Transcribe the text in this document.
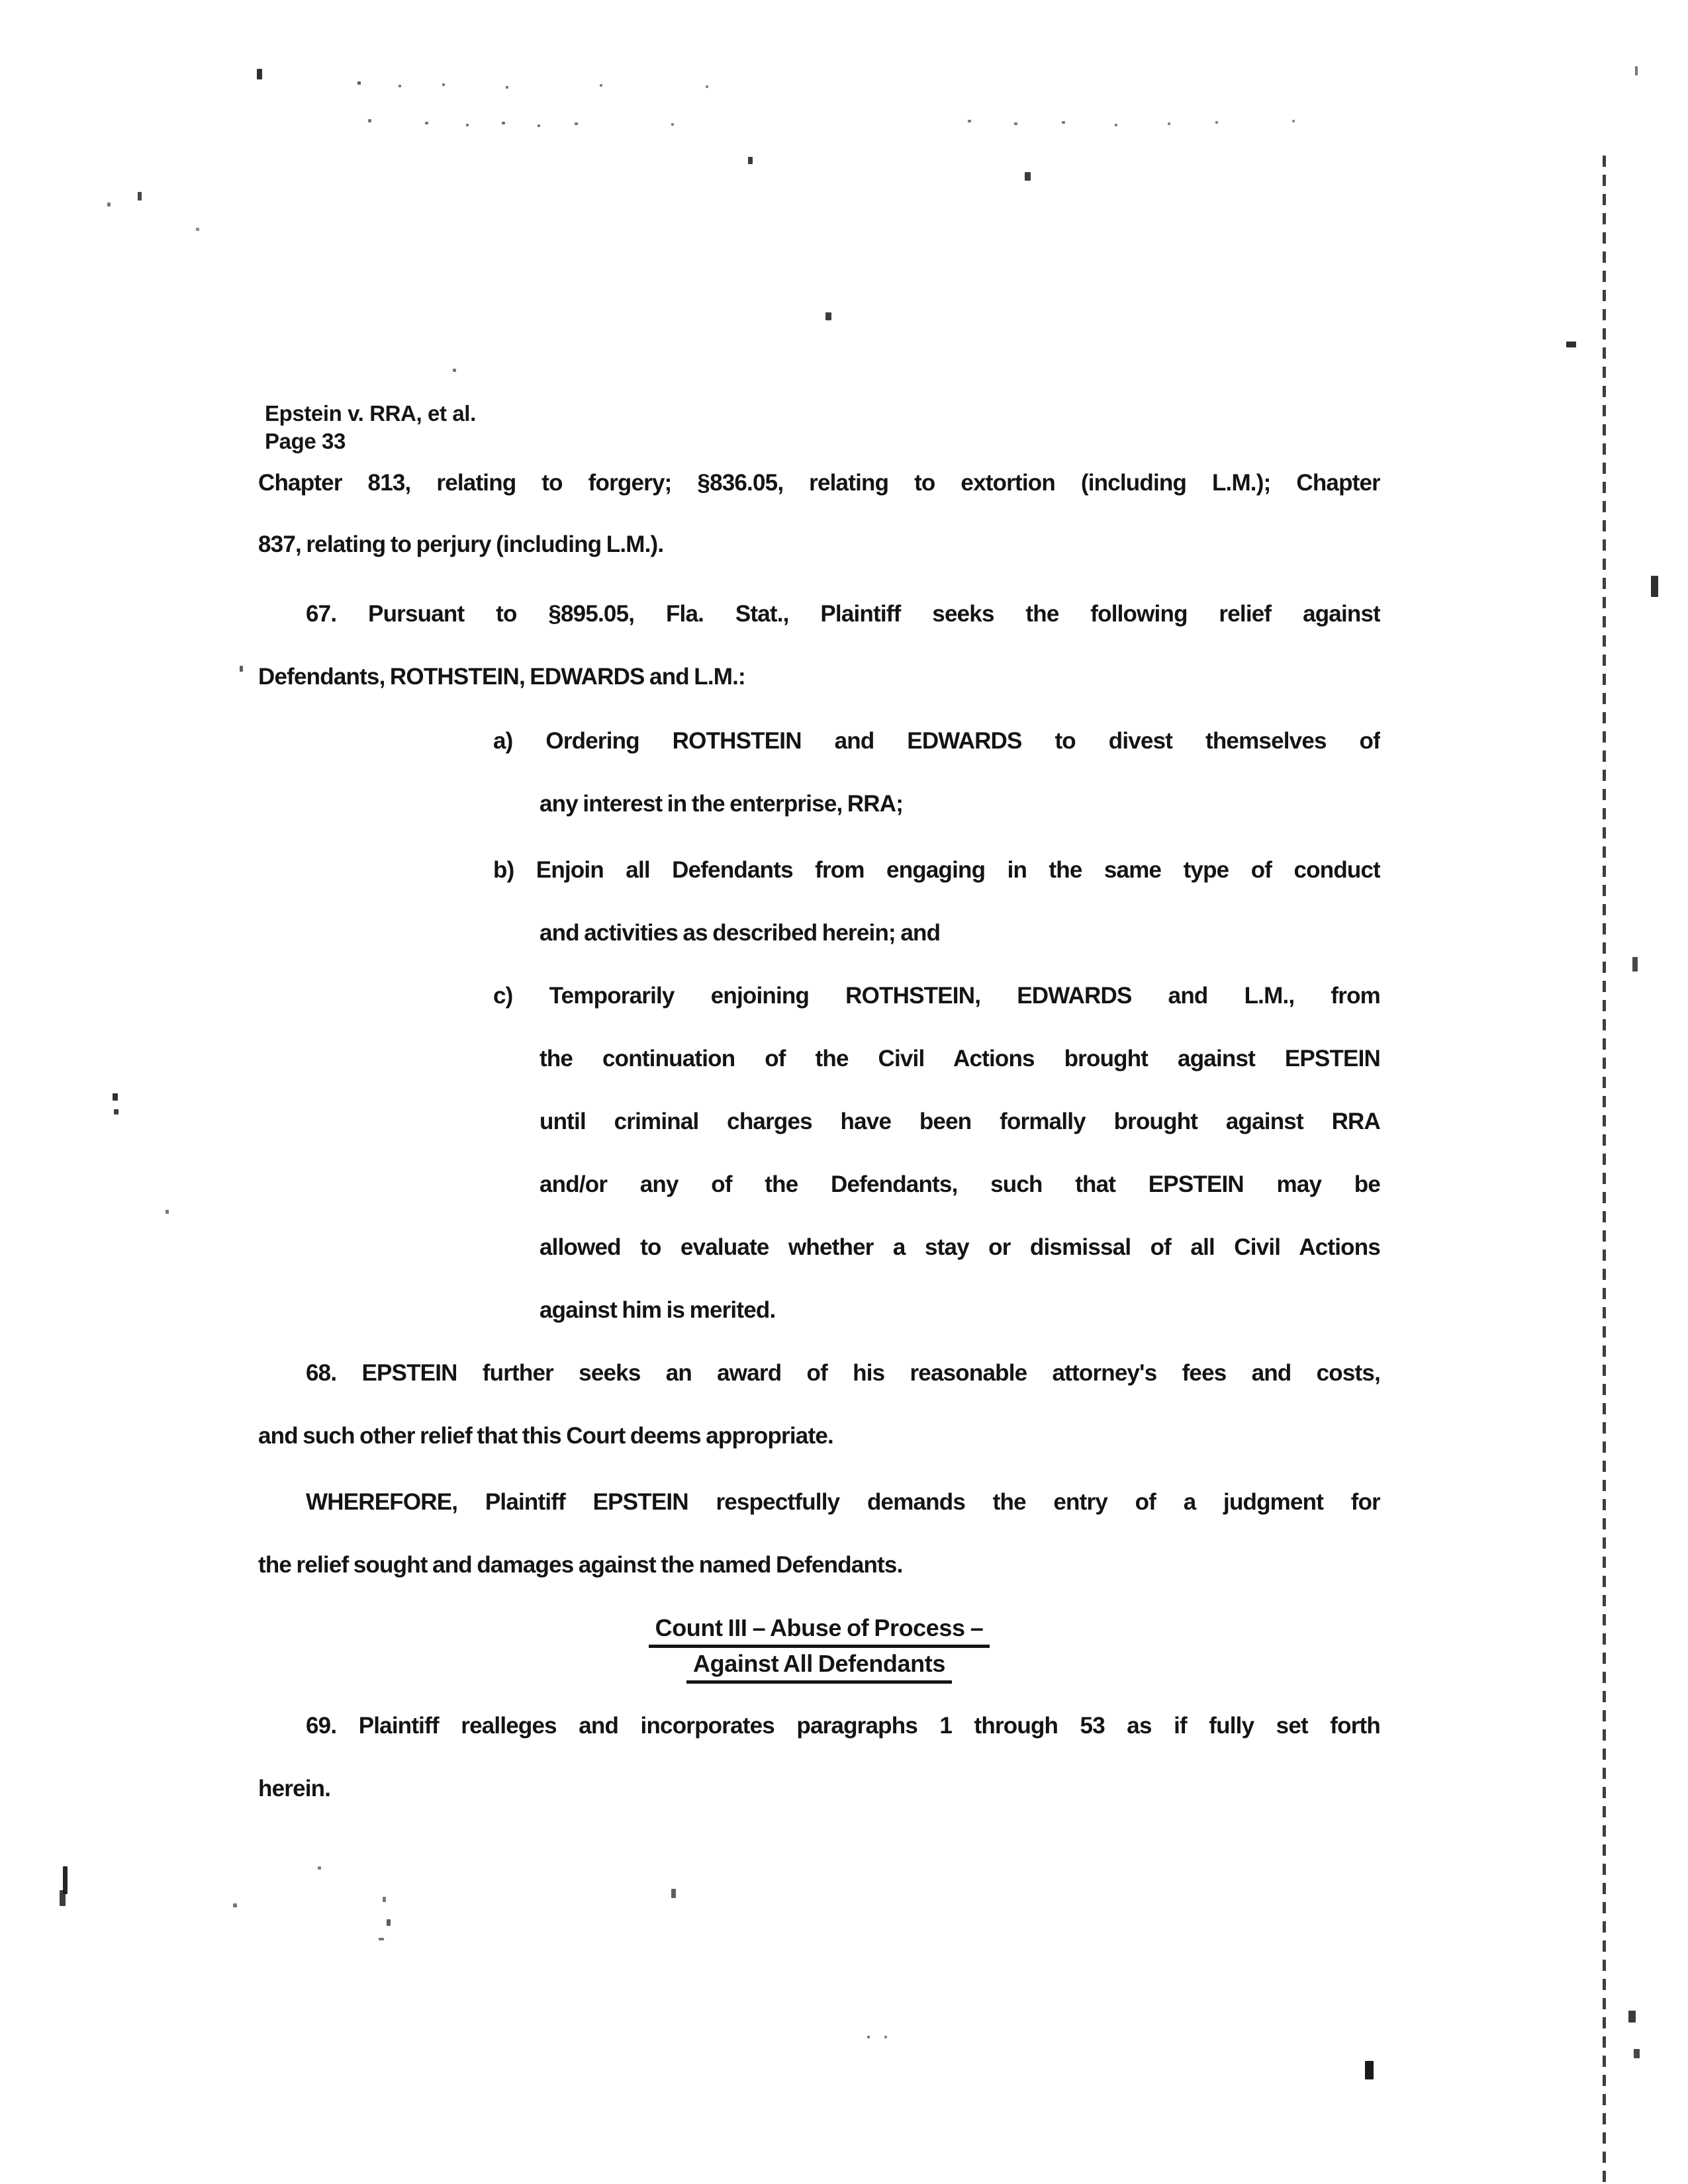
Epstein v. RRA, et al.
Page 33
Chapter 813, relating to forgery; §836.05, relating to extortion (including L.M.); Chapter
837, relating to perjury (including L.M.).
67. Pursuant to §895.05, Fla. Stat., Plaintiff seeks the following relief against
Defendants, ROTHSTEIN, EDWARDS and L.M.:
a) Ordering ROTHSTEIN and EDWARDS to divest themselves of
any interest in the enterprise, RRA;
b) Enjoin all Defendants from engaging in the same type of conduct
and activities as described herein; and
c) Temporarily enjoining ROTHSTEIN, EDWARDS and L.M., from
the continuation of the Civil Actions brought against EPSTEIN
until criminal charges have been formally brought against RRA
and/or any of the Defendants, such that EPSTEIN may be
allowed to evaluate whether a stay or dismissal of all Civil Actions
against him is merited.
68. EPSTEIN further seeks an award of his reasonable attorney's fees and costs,
and such other relief that this Court deems appropriate.
WHEREFORE, Plaintiff EPSTEIN respectfully demands the entry of a judgment for
the relief sought and damages against the named Defendants.
Count III – Abuse of Process –
Against All Defendants
69. Plaintiff realleges and incorporates paragraphs 1 through 53 as if fully set forth
herein.
